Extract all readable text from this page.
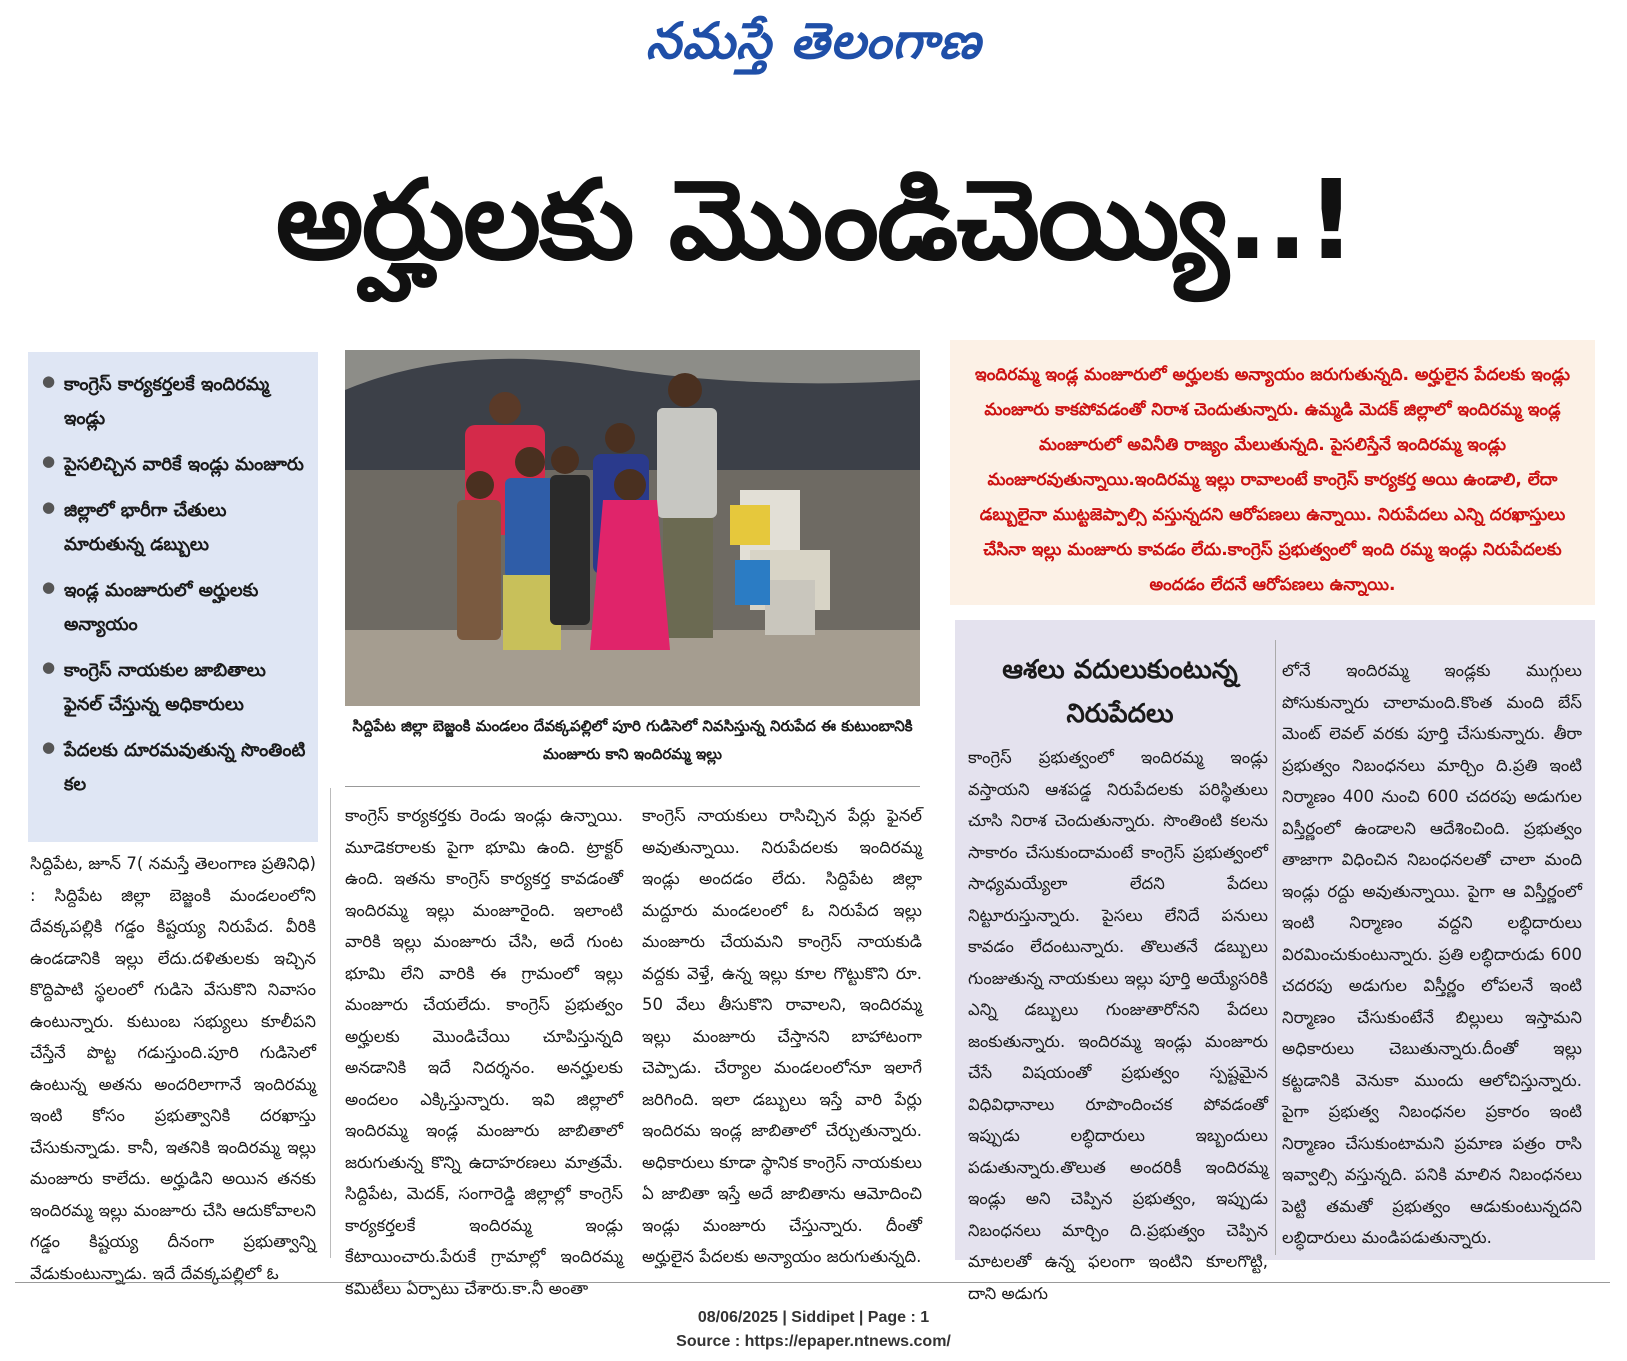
నమస్తే తెలంగాణ
అర్హులకు మొండిచెయ్యి..!
● కాంగ్రెస్ కార్యకర్తలకే ఇందిరమ్మ ఇండ్లు
● పైసలిచ్చిన వారికే ఇండ్లు మంజూరు
● జిల్లాలో భారీగా చేతులు మారుతున్న డబ్బులు
● ఇండ్ల మంజూరులో అర్హులకు అన్యాయం
● కాంగ్రెస్ నాయకుల జాబితాలు ఫైనల్ చేస్తున్న అధికారులు
● పేదలకు దూరమవుతున్న సొంతింటి కల
సిద్దిపేట జిల్లా బెజ్జంకి మండలం దేవక్కపల్లిలో పూరి గుడిసెలో నివసిస్తున్న నిరుపేద ఈ కుటుంబానికి మంజూరు కాని ఇందిరమ్మ ఇల్లు
సిద్దిపేట, జూన్ 7( నమస్తే తెలంగాణ ప్రతినిధి) : సిద్దిపేట జిల్లా బెజ్జంకి మండలంలోని దేవక్కపల్లికి గడ్డం కిష్టయ్య నిరుపేద. వీరికి ఉండడానికి ఇల్లు లేదు.దళితులకు ఇచ్చిన కొద్దిపాటి స్థలంలో గుడిసె వేసుకొని నివాసం ఉంటున్నారు. కుటుంబ సభ్యులు కూలీపని చేస్తేనే పొట్ట గడుస్తుంది.పూరి గుడిసెలో ఉంటున్న అతను అందరిలాగానే ఇందిరమ్మ ఇంటి కోసం ప్రభుత్వానికి దరఖాస్తు చేసుకున్నాడు. కానీ, ఇతనికి ఇందిరమ్మ ఇల్లు మంజూరు కాలేదు. అర్హుడిని అయిన తనకు ఇందిరమ్మ ఇల్లు మంజూరు చేసి ఆదుకోవాలని గడ్డం కిష్టయ్య దీనంగా ప్రభుత్వాన్ని వేడుకుంటున్నాడు. ఇదే దేవక్కపల్లిలో ఓ
కాంగ్రెస్ కార్యకర్తకు రెండు ఇండ్లు ఉన్నాయి. మూడెకరాలకు పైగా భూమి ఉంది. ట్రాక్టర్ ఉంది. ఇతను కాంగ్రెస్ కార్యకర్త కావడంతో ఇందిరమ్మ ఇల్లు మంజూరైంది. ఇలాంటి వారికి ఇల్లు మంజూరు చేసి, అదే గుంట భూమి లేని వారికి ఈ గ్రామంలో ఇల్లు మంజూరు చేయలేదు. కాంగ్రెస్ ప్రభుత్వం అర్హులకు మొండిచేయి చూపిస్తున్నది అనడానికి ఇదే నిదర్శనం. అనర్హులకు అందలం ఎక్కిస్తున్నారు. ఇవి జిల్లాలో ఇందిరమ్మ ఇండ్ల మంజూరు జాబితాలో జరుగుతున్న కొన్ని ఉదాహరణలు మాత్రమే. సిద్దిపేట, మెదక్, సంగారెడ్డి జిల్లాల్లో కాంగ్రెస్ కార్యకర్తలకే ఇందిరమ్మ ఇండ్లు కేటాయించారు.పేరుకే గ్రామాల్లో ఇందిరమ్మ కమిటీలు ఏర్పాటు చేశారు.కా.నీ అంతా
కాంగ్రెస్ నాయకులు రాసిచ్చిన పేర్లు ఫైనల్ అవుతున్నాయి. నిరుపేదలకు ఇందిరమ్మ ఇండ్లు అందడం లేదు. సిద్దిపేట జిల్లా మద్దూరు మండలంలో ఓ నిరుపేద ఇల్లు మంజూరు చేయమని కాంగ్రెస్ నాయకుడి వద్దకు వెళ్తే, ఉన్న ఇల్లు కూల గొట్టుకొని రూ. 50 వేలు తీసుకొని రావాలని, ఇందిరమ్మ ఇల్లు మంజూరు చేస్తానని బాహాటంగా చెప్పాడు. చేర్యాల మండలంలోనూ ఇలాగే జరిగింది. ఇలా డబ్బులు ఇస్తే వారి పేర్లు ఇందిరమ ఇండ్ల జాబితాలో చేర్చుతున్నారు. అధికారులు కూడా స్థానిక కాంగ్రెస్ నాయకులు ఏ జాబితా ఇస్తే అదే జాబితాను ఆమోదించి ఇండ్లు మంజూరు చేస్తున్నారు. దీంతో అర్హులైన పేదలకు అన్యాయం జరుగుతున్నది.
ఇందిరమ్మ ఇండ్ల మంజూరులో అర్హులకు అన్యాయం జరుగుతున్నది. అర్హులైన పేదలకు ఇండ్లు మంజూరు కాకపోవడంతో నిరాశ చెందుతున్నారు. ఉమ్మడి మెదక్ జిల్లాలో ఇందిరమ్మ ఇండ్ల మంజూరులో అవినీతి రాజ్యం మేలుతున్నది. పైసలిస్తేనే ఇందిరమ్మ ఇండ్లు మంజూరవుతున్నాయి.ఇందిరమ్మ ఇల్లు రావాలంటే కాంగ్రెస్ కార్యకర్త అయి ఉండాలి, లేదా డబ్బులైనా ముట్టజెప్పాల్సి వస్తున్నదని ఆరోపణలు ఉన్నాయి. నిరుపేదలు ఎన్ని దరఖాస్తులు చేసినా ఇల్లు మంజూరు కావడం లేదు.కాంగ్రెస్ ప్రభుత్వంలో ఇంది రమ్మ ఇండ్లు నిరుపేదలకు అందడం లేదనే ఆరోపణలు ఉన్నాయి.
ఆశలు వదులుకుంటున్న నిరుపేదలు
కాంగ్రెస్ ప్రభుత్వంలో ఇందిరమ్మ ఇండ్లు వస్తాయని ఆశపడ్డ నిరుపేదలకు పరిస్థితులు చూసి నిరాశ చెందుతున్నారు. సొంతింటి కలను సాకారం చేసుకుందామంటే కాంగ్రెస్ ప్రభుత్వంలో సాధ్యమయ్యేలా లేదని పేదలు నిట్టూరుస్తున్నారు. పైసలు లేనిదే పనులు కావడం లేదంటున్నారు. తొలుతనే డబ్బులు గుంజుతున్న నాయకులు ఇల్లు పూర్తి అయ్యేసరికి ఎన్ని డబ్బులు గుంజుతారోనని పేదలు జంకుతున్నారు. ఇందిరమ్మ ఇండ్లు మంజూరు చేసే విషయంతో ప్రభుత్వం స్పష్టమైన విధివిధానాలు రూపొందించక పోవడంతో ఇప్పుడు లబ్ధిదారులు ఇబ్బందులు పడుతున్నారు.తొలుత అందరికీ ఇందిరమ్మ ఇండ్లు అని చెప్పిన ప్రభుత్వం, ఇప్పుడు నిబంధనలు మార్చిం ది.ప్రభుత్వం చెప్పిన మాటలతో ఉన్న ఫలంగా ఇంటిని కూలగొట్టి, దాని అడుగు
లోనే ఇందిరమ్మ ఇండ్లకు ముగ్గులు పోసుకున్నారు చాలామంది.కొంత మంది బేస్ మెంట్ లెవల్ వరకు పూర్తి చేసుకున్నారు. తీరా ప్రభుత్వం నిబంధనలు మార్చిం ది.ప్రతి ఇంటి నిర్మాణం 400 నుంచి 600 చదరపు అడుగుల విస్తీర్ణంలో ఉండాలని ఆదేశించింది. ప్రభుత్వం తాజాగా విధించిన నిబంధనలతో చాలా మంది ఇండ్లు రద్దు అవుతున్నాయి. పైగా ఆ విస్తీర్ణంలో ఇంటి నిర్మాణం వద్దని లబ్ధిదారులు విరమించుకుంటున్నారు. ప్రతి లబ్ధిదారుడు 600 చదరపు అడుగుల విస్తీర్ణం లోపలనే ఇంటి నిర్మాణం చేసుకుంటేనే బిల్లులు ఇస్తామని అధికారులు చెబుతున్నారు.దీంతో ఇల్లు కట్టడానికి వెనుకా ముందు ఆలోచిస్తున్నారు. పైగా ప్రభుత్వ నిబంధనల ప్రకారం ఇంటి నిర్మాణం చేసుకుంటామని ప్రమాణ పత్రం రాసి ఇవ్వాల్సి వస్తున్నది. పనికి మాలిన నిబంధనలు పెట్టి తమతో ప్రభుత్వం ఆడుకుంటున్నదని లబ్ధిదారులు మండిపడుతున్నారు.
08/06/2025 | Siddipet | Page : 1
Source : https://epaper.ntnews.com/
